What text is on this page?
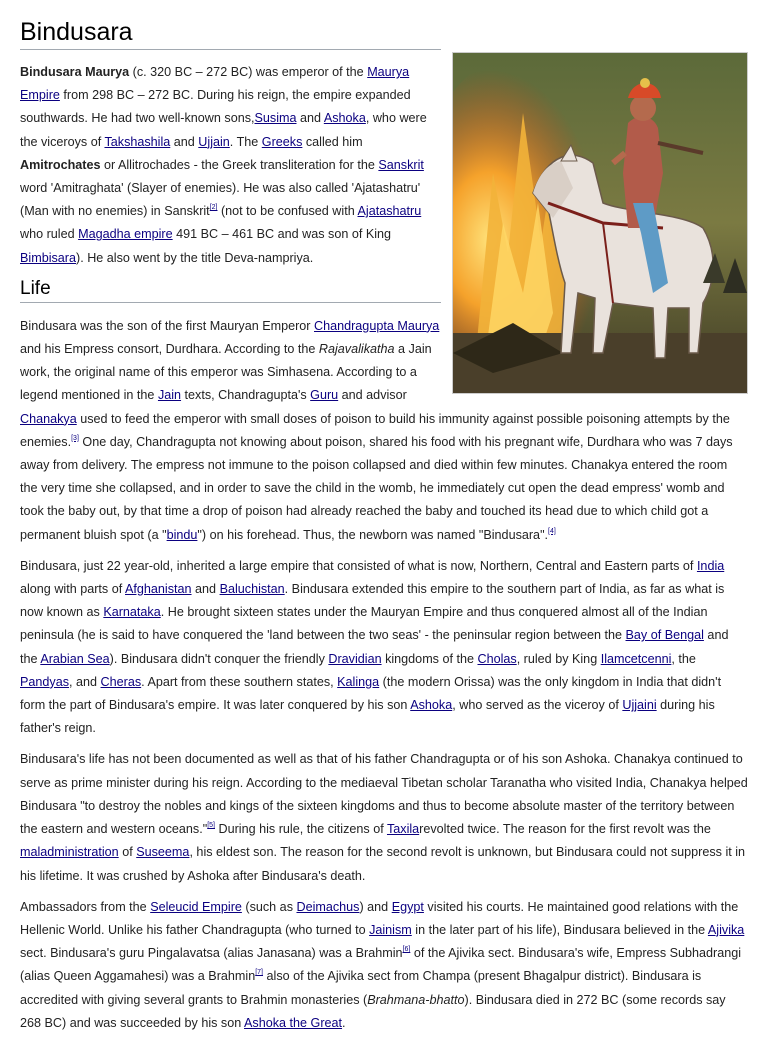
Bindusara

Bindusara Maurya (c. 320 BC – 272 BC) was emperor of the Maurya Empire from 298 BC – 272 BC. During his reign, the empire expanded southwards. He had two well-known sons,Susima and Ashoka, who were the viceroys of Takshashila and Ujjain. The Greeks called him Amitrochates or Allitrochades - the Greek transliteration for the Sanskrit word 'Amitraghata' (Slayer of enemies). He was also called 'Ajatashatru' (Man with no enemies) in Sanskrit[2] (not to be confused with Ajatashatru who ruled Magadha empire 491 BC – 461 BC and was son of King Bimbisara). He also went by the title Deva-nampriya.

Life

Bindusara was the son of the first Mauryan Emperor Chandragupta Maurya and his Empress consort, Durdhara. According to the Rajavalikatha a Jain work, the original name of this emperor was Simhasena. According to a legend mentioned in the Jain texts, Chandragupta's Guru and advisor Chanakya used to feed the emperor with small doses of poison to build his immunity against possible poisoning attempts by the enemies.[3] One day, Chandragupta not knowing about poison, shared his food with his pregnant wife, Durdhara who was 7 days away from delivery. The empress not immune to the poison collapsed and died within few minutes. Chanakya entered the room the very time she collapsed, and in order to save the child in the womb, he immediately cut open the dead empress' womb and took the baby out, by that time a drop of poison had already reached the baby and touched its head due to which child got a permanent bluish spot (a "bindu") on his forehead. Thus, the newborn was named "Bindusara".[4]

Bindusara, just 22 year-old, inherited a large empire that consisted of what is now, Northern, Central and Eastern parts of India along with parts of Afghanistan and Baluchistan. Bindusara extended this empire to the southern part of India, as far as what is now known as Karnataka. He brought sixteen states under the Mauryan Empire and thus conquered almost all of the Indian peninsula (he is said to have conquered the 'land between the two seas' - the peninsular region between the Bay of Bengal and the Arabian Sea). Bindusara didn't conquer the friendly Dravidian kingdoms of the Cholas, ruled by King Ilamcetcenni, the Pandyas, and Cheras. Apart from these southern states, Kalinga (the modern Orissa) was the only kingdom in India that didn't form the part of Bindusara's empire. It was later conquered by his son Ashoka, who served as the viceroy of Ujjaini during his father's reign.

Bindusara's life has not been documented as well as that of his father Chandragupta or of his son Ashoka. Chanakya continued to serve as prime minister during his reign. According to the mediaeval Tibetan scholar Taranatha who visited India, Chanakya helped Bindusara "to destroy the nobles and kings of the sixteen kingdoms and thus to become absolute master of the territory between the eastern and western oceans."[5] During his rule, the citizens of Taxilarevolted twice. The reason for the first revolt was the maladministration of Suseema, his eldest son. The reason for the second revolt is unknown, but Bindusara could not suppress it in his lifetime. It was crushed by Ashoka after Bindusara's death.

Ambassadors from the Seleucid Empire (such as Deimachus) and Egypt visited his courts. He maintained good relations with the Hellenic World. Unlike his father Chandragupta (who turned to Jainism in the later part of his life), Bindusara believed in the Ajivika sect. Bindusara's guru Pingalavatsa (alias Janasana) was a Brahmin[6] of the Ajivika sect. Bindusara's wife, Empress Subhadrangi (alias Queen Aggamahesi) was a Brahmin[7] also of the Ajivika sect from Champa (present Bhagalpur district). Bindusara is accredited with giving several grants to Brahmin monasteries (Brahmana-bhatto). Bindusara died in 272 BC (some records say 268 BC) and was succeeded by his son Ashoka the Great.
